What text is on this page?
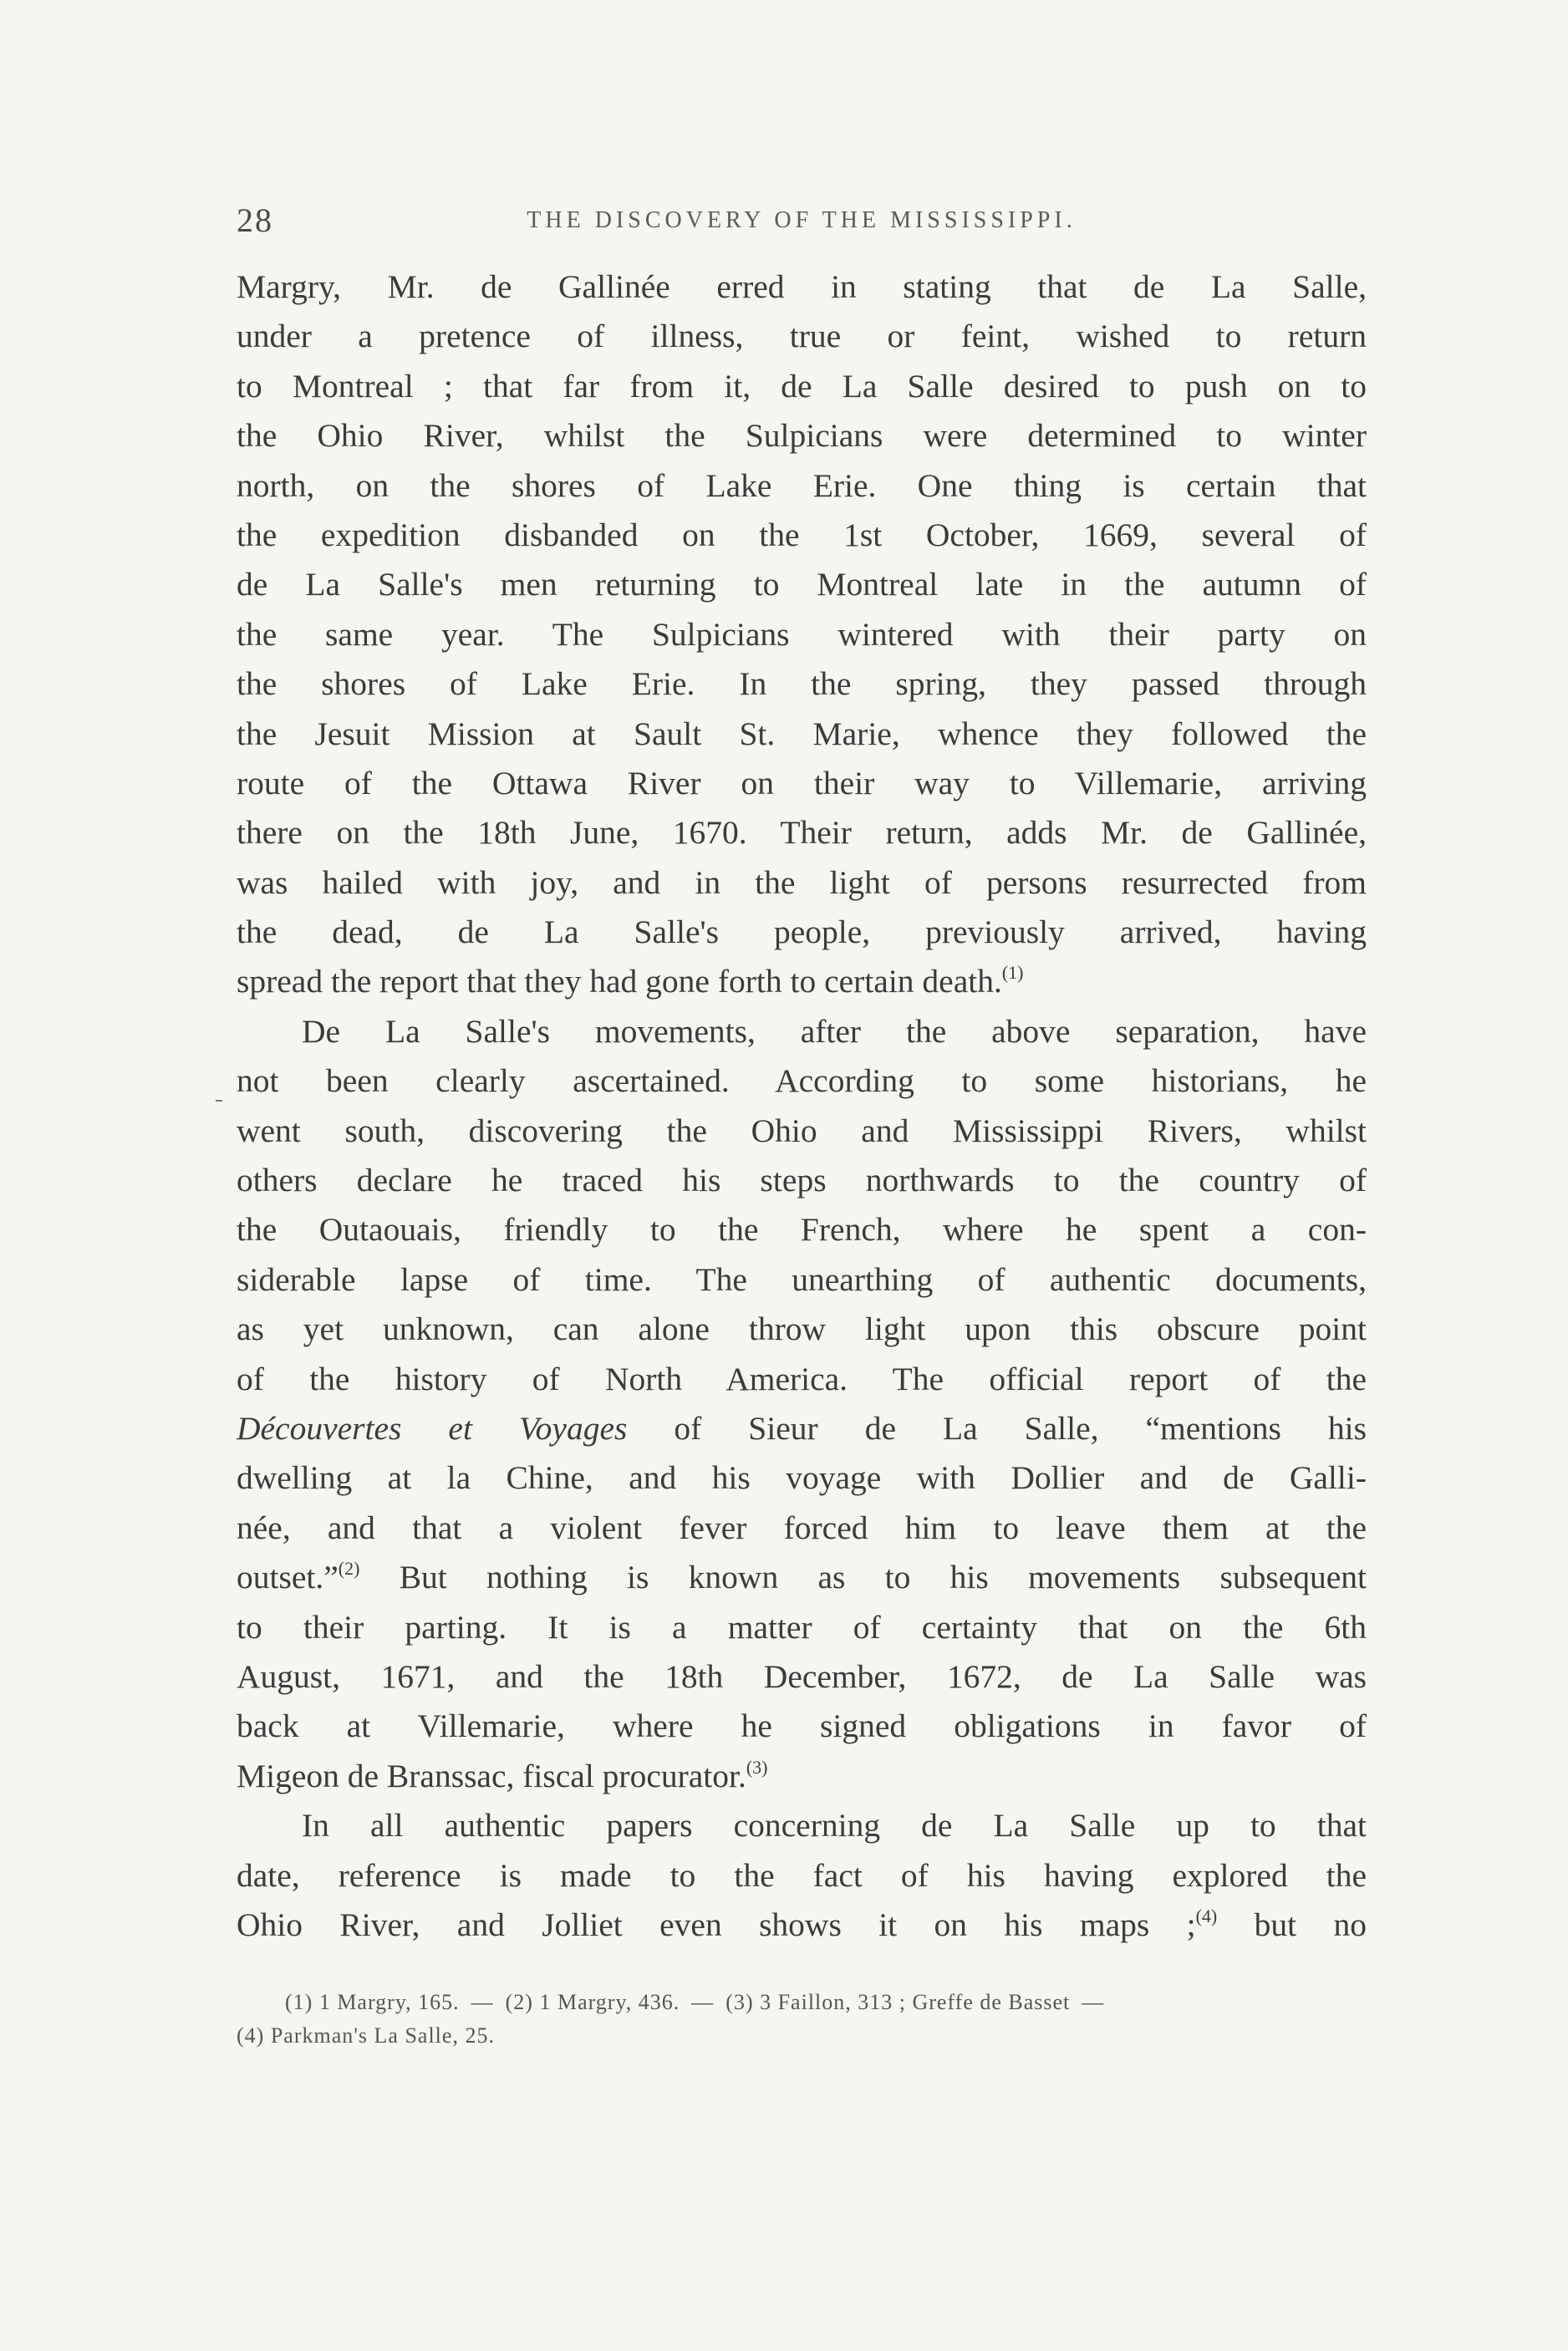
28	THE DISCOVERY OF THE MISSISSIPPI.
Margry, Mr. de Gallinée erred in stating that de La Salle,
under a pretence of illness, true or feint, wished to return
to Montreal ; that far from it, de La Salle desired to push on to
the Ohio River, whilst the Sulpicians were determined to winter
north, on the shores of Lake Erie. One thing is certain that
the expedition disbanded on the 1st October, 1669, several of
de La Salle's men returning to Montreal late in the autumn of
the same year. The Sulpicians wintered with their party on
the shores of Lake Erie. In the spring, they passed through
the Jesuit Mission at Sault St. Marie, whence they followed the
route of the Ottawa River on their way to Villemarie, arriving
there on the 18th June, 1670. Their return, adds Mr. de Gallinée,
was hailed with joy, and in the light of persons resurrected from
the dead, de La Salle's people, previously arrived, having
spread the report that they had gone forth to certain death.$^{(1)}$
De La Salle's movements, after the above separation, have
not been clearly ascertained. According to some historians, he
went south, discovering the Ohio and Mississippi Rivers, whilst
others declare he traced his steps northwards to the country of
the Outaouais, friendly to the French, where he spent a con-
siderable lapse of time. The unearthing of authentic documents,
as yet unknown, can alone throw light upon this obscure point
of the history of North America. The official report of the
Découvertes et Voyages of Sieur de La Salle, “mentions his
dwelling at la Chine, and his voyage with Dollier and de Galli-
née, and that a violent fever forced him to leave them at the
outset.”$^{(2)}$ But nothing is known as to his movements subsequent
to their parting. It is a matter of certainty that on the 6th
August, 1671, and the 18th December, 1672, de La Salle was
back at Villemarie, where he signed obligations in favor of
Migeon de Branssac, fiscal procurator.$^{(3)}$
In all authentic papers concerning de La Salle up to that
date, reference is made to the fact of his having explored the
Ohio River, and Jolliet even shows it on his maps ;$^{(4)}$ but no
(1) 1 Margry, 165. — (2) 1 Margry, 436. — (3) 3 Faillon, 313 ; Greffe de Basset —
(4) Parkman's La Salle, 25.
